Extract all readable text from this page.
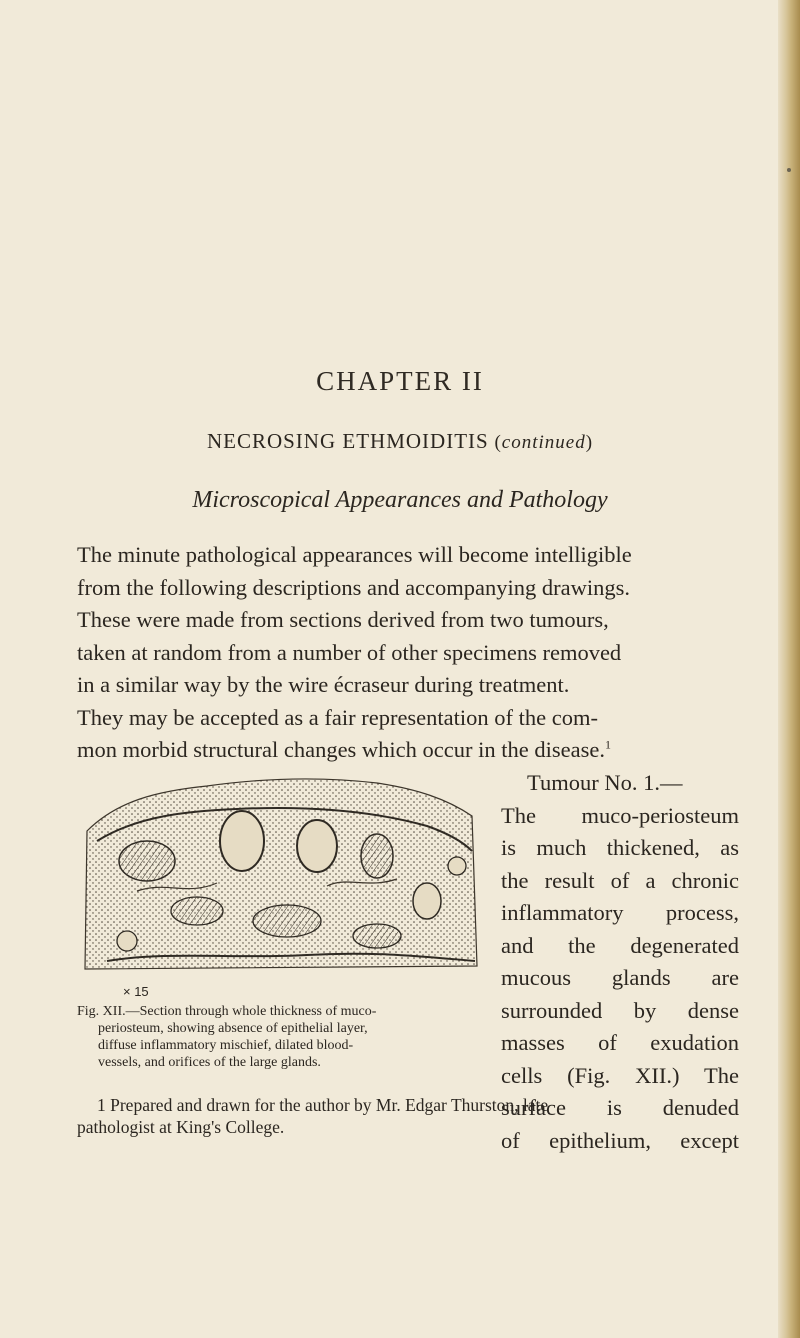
CHAPTER II
NECROSING ETHMOIDITIS (continued)
Microscopical Appearances and Pathology
The minute pathological appearances will become intelligible
from the following descriptions and accompanying drawings.
These were made from sections derived from two tumours,
taken at random from a number of other specimens removed
in a similar way by the wire écraseur during treatment.
They may be accepted as a fair representation of the com-
mon morbid structural changes which occur in the disease.$^1$
Tumour No. 1.—
The muco-periosteum
is much thickened, as
the result of a chronic
inflammatory process,
and the degenerated
mucous glands are
surrounded by dense
masses of exudation
cells (Fig. XII.) The
surface is denuded
of epithelium, except
× 15
Fig. XII.—Section through whole thickness of muco-
periosteum, showing absence of epithelial layer,
diffuse inflammatory mischief, dilated blood-
vessels, and orifices of the large glands.
1 Prepared and drawn for the author by Mr. Edgar Thurston, late
pathologist at King's College.
